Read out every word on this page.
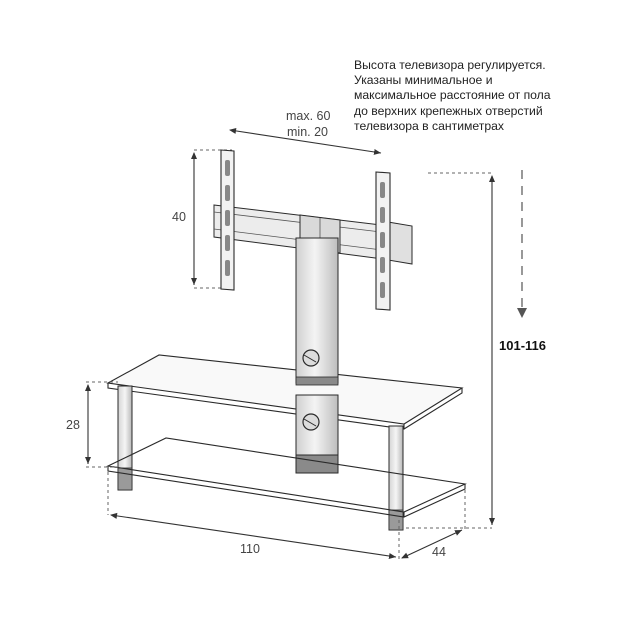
Высота телевизора регулируется.
Указаны минимальное и
максимальное расстояние от пола
до верхних крепежных отверстий
телевизора в сантиметрах
max. 60
min. 20
40
28
110	44
101-116
